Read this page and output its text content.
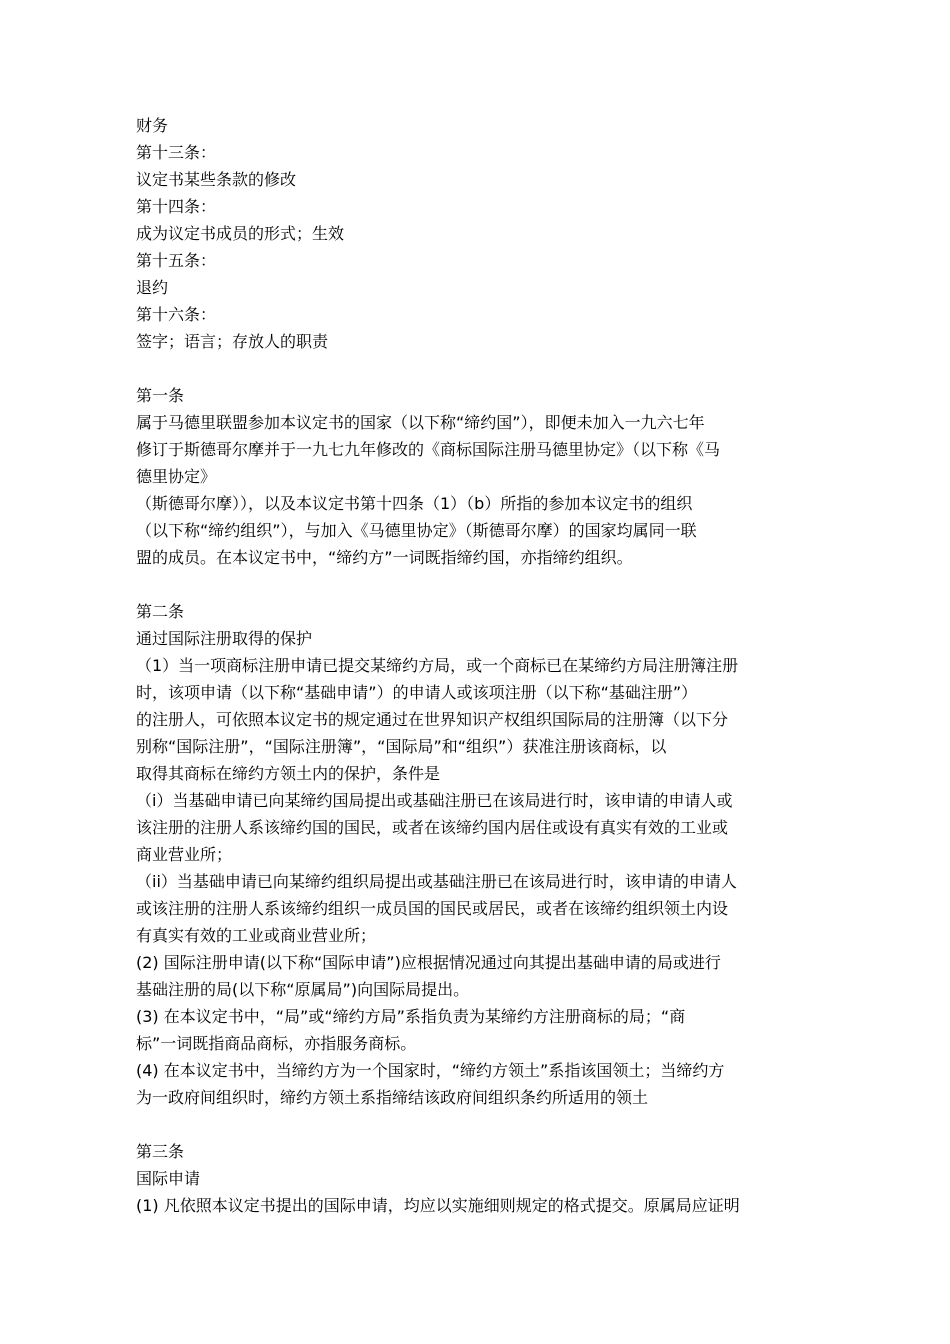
财务
第十三条：
议定书某些条款的修改
第十四条：
成为议定书成员的形式；生效
第十五条：
退约
第十六条：
签字；语言；存放人的职责
第一条
属于马德里联盟参加本议定书的国家（以下称“缔约国”），即便未加入一九六七年
修订于斯德哥尔摩并于一九七九年修改的《商标国际注册马德里协定》（以下称《马
德里协定》
（斯德哥尔摩）），以及本议定书第十四条（1）（b）所指的参加本议定书的组织
（以下称“缔约组织”），与加入《马德里协定》（斯德哥尔摩）的国家均属同一联
盟的成员。在本议定书中，“缔约方”一词既指缔约国，亦指缔约组织。
第二条
通过国际注册取得的保护
（1）当一项商标注册申请已提交某缔约方局，或一个商标已在某缔约方局注册簿注册
时，该项申请（以下称“基础申请”）的申请人或该项注册（以下称“基础注册”）
的注册人，可依照本议定书的规定通过在世界知识产权组织国际局的注册簿（以下分
别称“国际注册”，“国际注册簿”，“国际局”和“组织”）获准注册该商标，以
取得其商标在缔约方领土内的保护，条件是
（i）当基础申请已向某缔约国局提出或基础注册已在该局进行时，该申请的申请人或
该注册的注册人系该缔约国的国民，或者在该缔约国内居住或设有真实有效的工业或
商业营业所；
（ii）当基础申请已向某缔约组织局提出或基础注册已在该局进行时，该申请的申请人
或该注册的注册人系该缔约组织一成员国的国民或居民，或者在该缔约组织领土内设
有真实有效的工业或商业营业所；
(2) 国际注册申请(以下称“国际申请”)应根据情况通过向其提出基础申请的局或进行
基础注册的局(以下称“原属局”)向国际局提出。
(3) 在本议定书中，“局”或“缔约方局”系指负责为某缔约方注册商标的局；“商
标”一词既指商品商标，亦指服务商标。
(4) 在本议定书中，当缔约方为一个国家时，“缔约方领土”系指该国领土；当缔约方
为一政府间组织时，缔约方领土系指缔结该政府间组织条约所适用的领土
第三条
国际申请
(1) 凡依照本议定书提出的国际申请，均应以实施细则规定的格式提交。原属局应证明
